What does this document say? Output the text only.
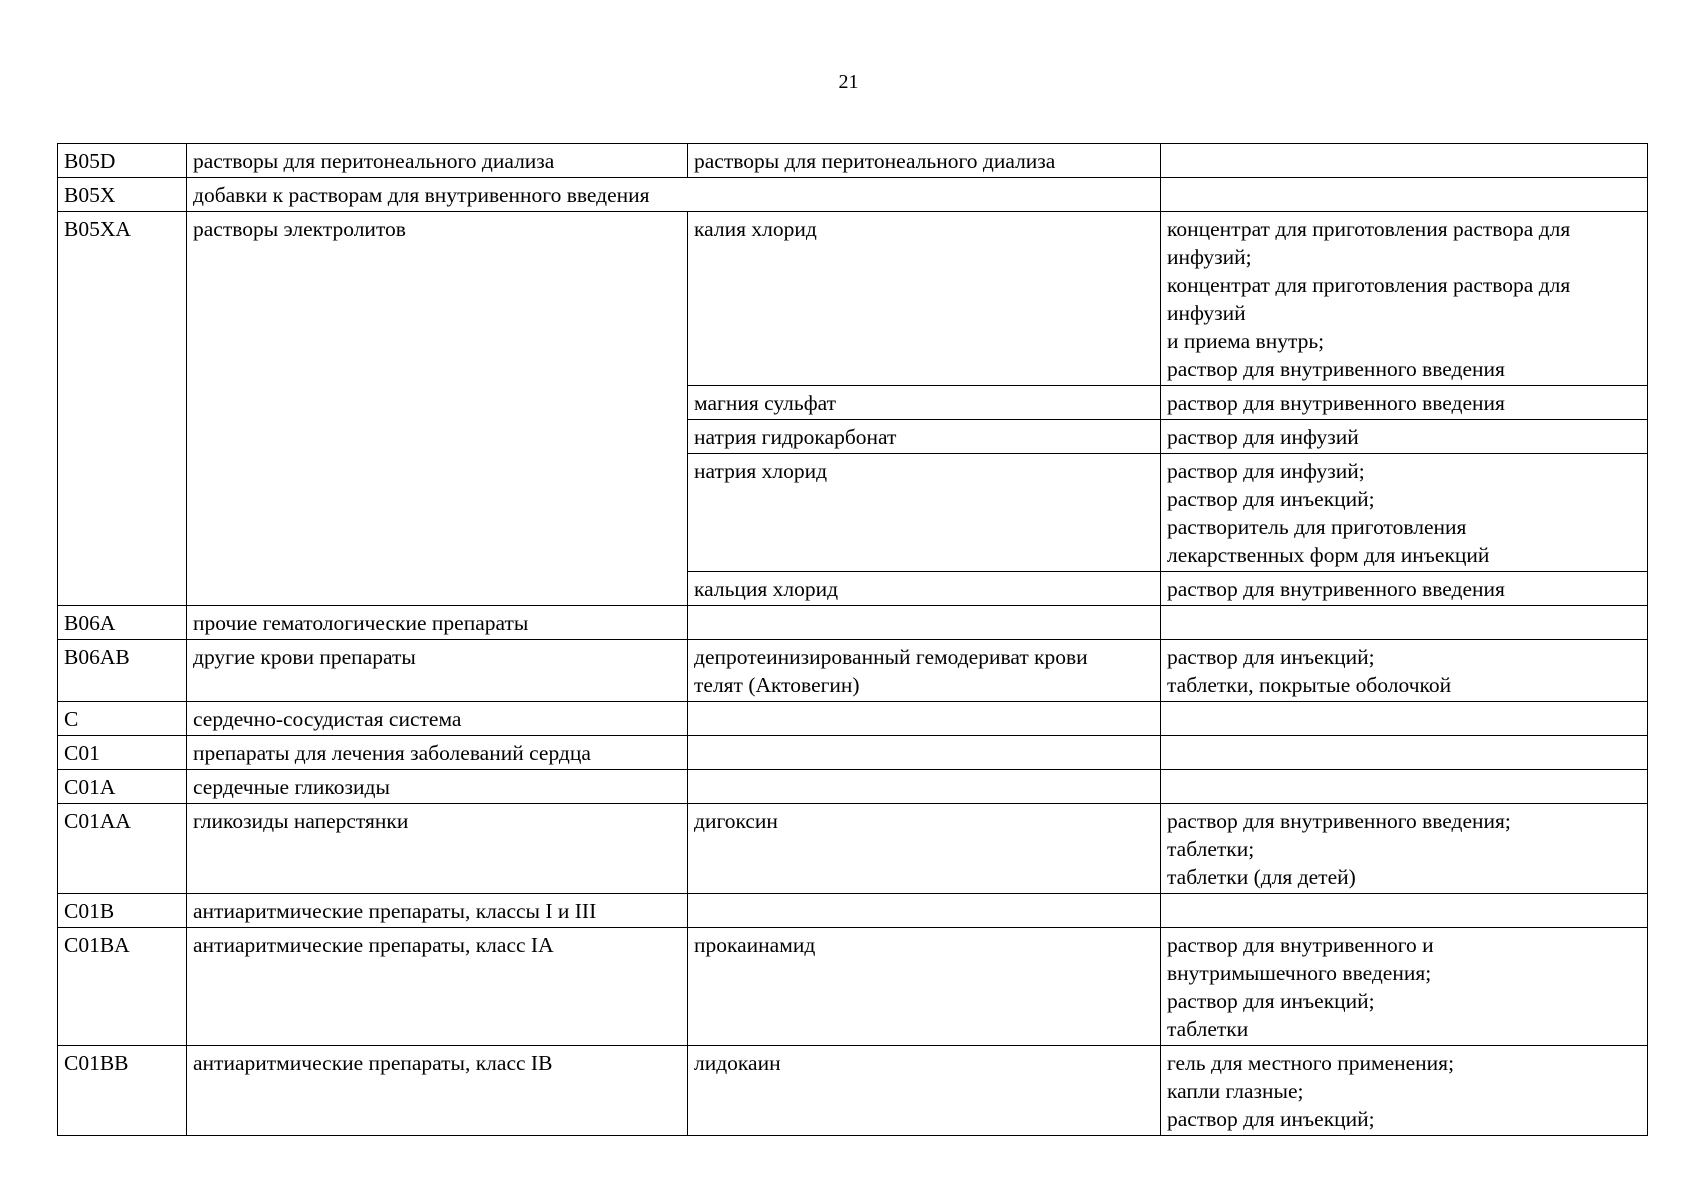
21
B05D	растворы для перитонеального диализа	растворы для перитонеального диализа	
B05X	добавки к растворам для внутривенного введения		
B05XA	растворы электролитов	калия хлорид	концентрат для приготовления раствора для инфузий;
концентрат для приготовления раствора для инфузий
и приема внутрь;
раствор для внутривенного введения
		магния сульфат	раствор для внутривенного введения
		натрия гидрокарбонат	раствор для инфузий
		натрия хлорид	раствор для инфузий;
раствор для инъекций;
растворитель для приготовления
лекарственных форм для инъекций
		кальция хлорид	раствор для внутривенного введения
B06A	прочие гематологические препараты		
B06AB	другие крови препараты	депротеинизированный гемодериват крови
телят (Актовегин)	раствор для инъекций;
таблетки, покрытые оболочкой
C	сердечно-сосудистая система		
C01	препараты для лечения заболеваний сердца		
C01A	сердечные гликозиды		
C01AA	гликозиды наперстянки	дигоксин	раствор для внутривенного введения;
таблетки;
таблетки (для детей)
C01B	антиаритмические препараты, классы I и III		
C01BA	антиаритмические препараты, класс IA	прокаинамид	раствор для внутривенного и
внутримышечного введения;
раствор для инъекций;
таблетки
C01BB	антиаритмические препараты, класс IB	лидокаин	гель для местного применения;
капли глазные;
раствор для инъекций;
